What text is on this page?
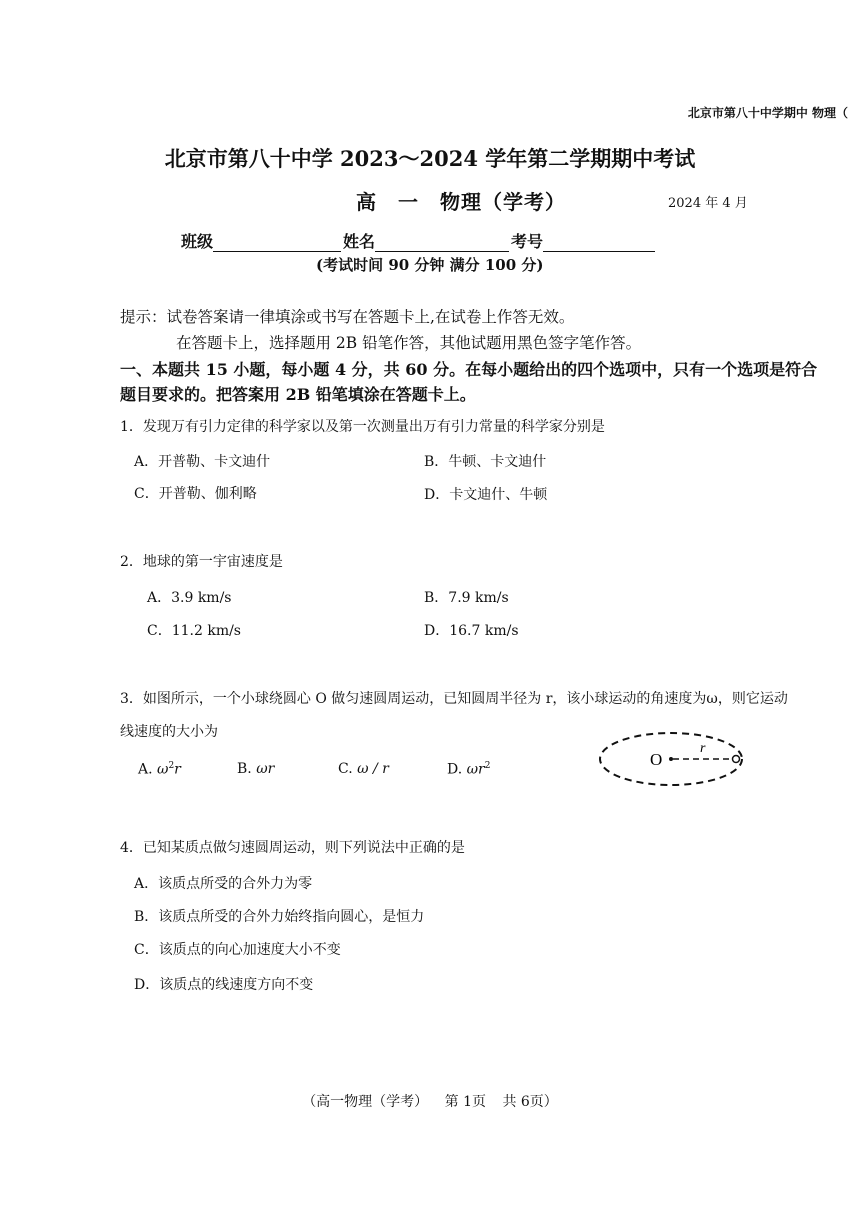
北京市第八十中学期中 物理（
北京市第八十中学 2023～2024 学年第二学期期中考试
高　一　物理（学考）	2024 年 4 月
班级	姓名	考号
(考试时间 90 分钟 满分 100 分)
提示：试卷答案请一律填涂或书写在答题卡上,在试卷上作答无效。
在答题卡上，选择题用 2B 铅笔作答，其他试题用黑色签字笔作答。
一、本题共 15 小题，每小题 4 分，共 60 分。在每小题给出的四个选项中，只有一个选项是符合题目要求的。把答案用 2B 铅笔填涂在答题卡上。
1．发现万有引力定律的科学家以及第一次测量出万有引力常量的科学家分别是
A．开普勒、卡文迪什	B．牛顿、卡文迪什
C．开普勒、伽利略	D．卡文迪什、牛顿
2．地球的第一宇宙速度是
A．3.9 km/s	B．7.9 km/s
C．11.2 km/s	D．16.7 km/s
3．如图所示，一个小球绕圆心 O 做匀速圆周运动，已知圆周半径为 r，该小球运动的角速度为ω，则它运动
线速度的大小为
A. $\omega^2r$	B. ωr	C. ω / r	D. $\omega r^2$	O
r
4．已知某质点做匀速圆周运动，则下列说法中正确的是
A．该质点所受的合外力为零
B．该质点所受的合外力始终指向圆心，是恒力
C．该质点的向心加速度大小不变
D．该质点的线速度方向不变
（高一物理（学考） 第 1页 共 6页）
